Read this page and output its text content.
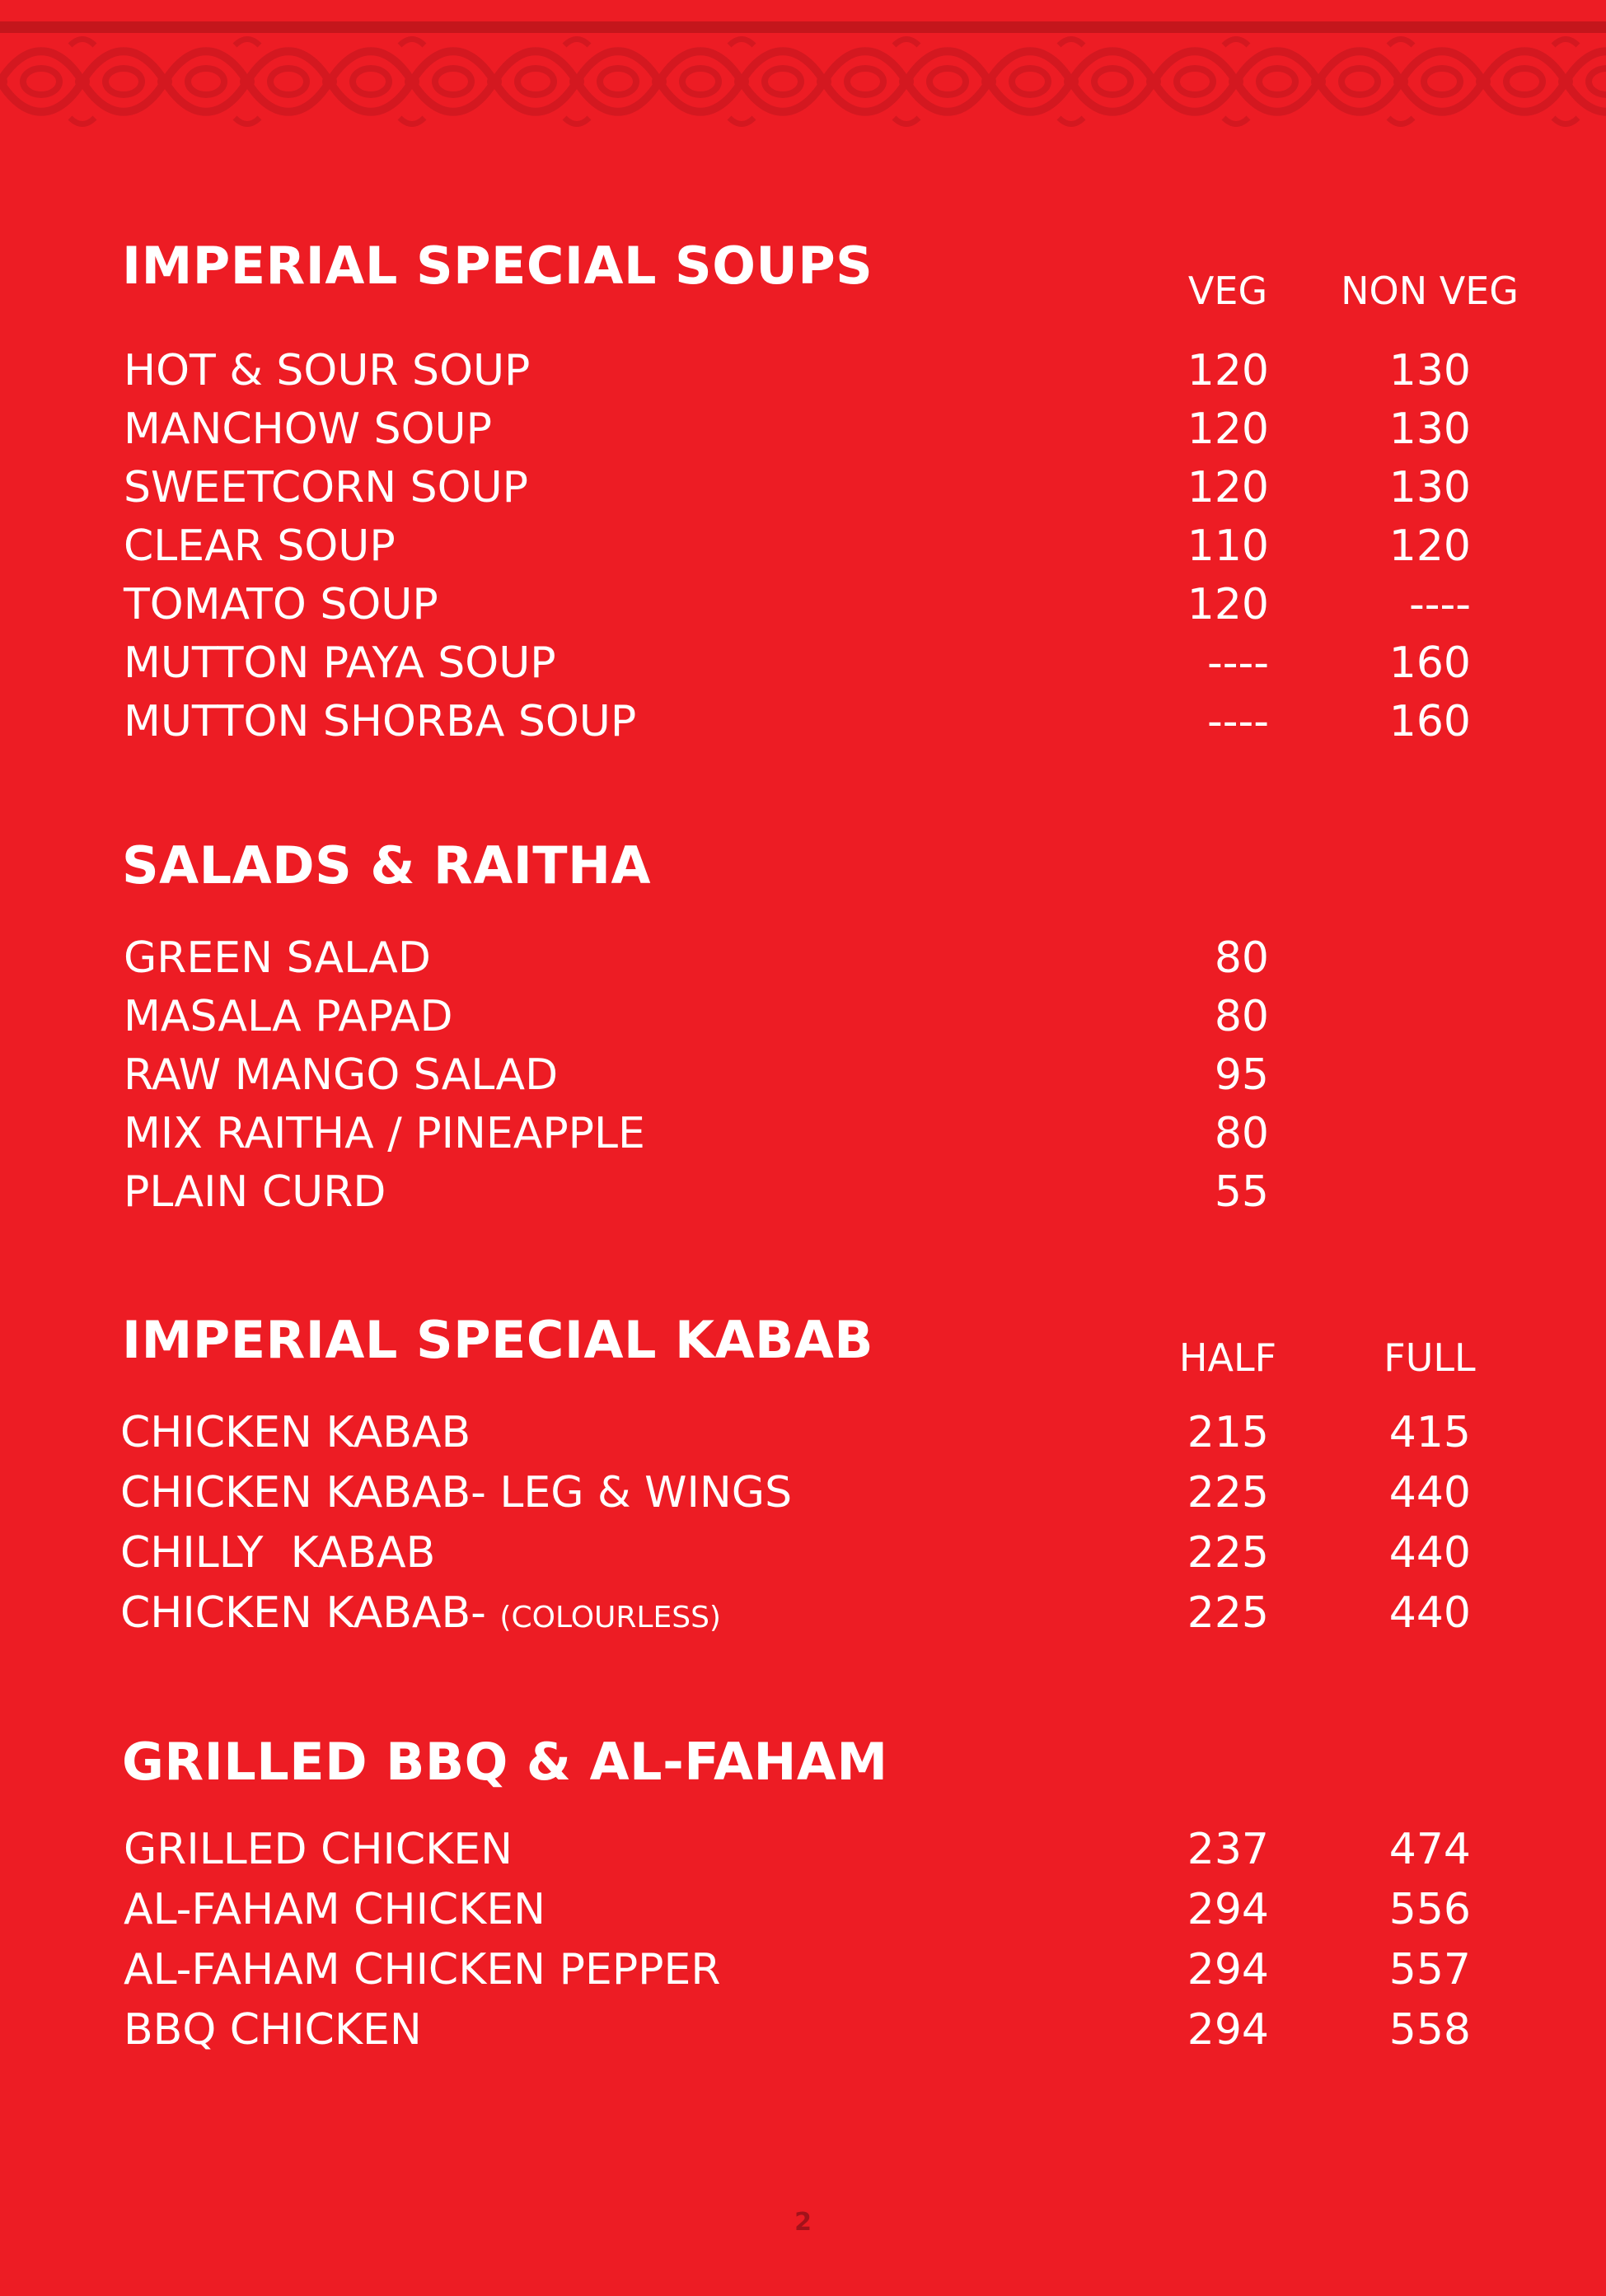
IMPERIAL SPECIAL SOUPS	VEG	NON VEG
HOT & SOUR SOUP	120	130
MANCHOW SOUP	120	130
SWEETCORN SOUP	120	130
CLEAR SOUP	110	120
TOMATO SOUP	120	----
MUTTON PAYA SOUP	----	160
MUTTON SHORBA SOUP	----	160
SALADS & RAITHA
GREEN SALAD	80
MASALA PAPAD	80
RAW MANGO SALAD	95
MIX RAITHA / PINEAPPLE	80
PLAIN CURD	55
IMPERIAL SPECIAL KABAB	HALF	FULL
CHICKEN KABAB	215	415
CHICKEN KABAB- LEG & WINGS	225	440
CHILLY  KABAB	225	440
CHICKEN KABAB- (COLOURLESS)	225	440
GRILLED BBQ & AL-FAHAM
GRILLED CHICKEN	237	474
AL-FAHAM CHICKEN	294	556
AL-FAHAM CHICKEN PEPPER	294	557
BBQ CHICKEN	294	558
2
